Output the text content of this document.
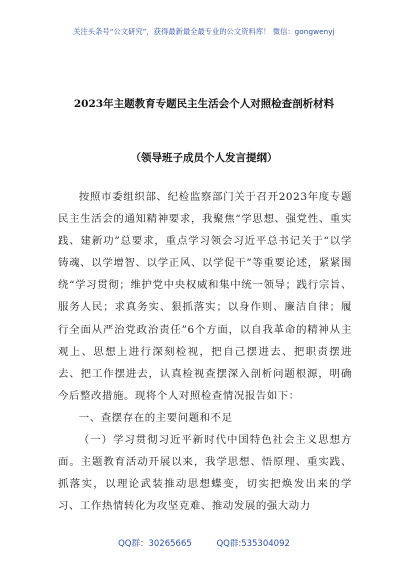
关注头条号“公文研究”，获得最新最全最专业的公文资料库！ 微信：gongwenyj
2023年主题教育专题民主生活会个人对照检查剖析材料
（领导班子成员个人发言提纲）

按照市委组织部、纪检监察部门关于召开2023年度专题民主生活会的通知精神要求，我聚焦“学思想、强党性、重实践、建新功”总要求，重点学习领会习近平总书记关于“以学铸魂、以学增智、以学正风、以学促干”等重要论述，紧紧围绕“学习贯彻；维护党中央权威和集中统一领导；践行宗旨、服务人民；求真务实、狠抓落实；以身作则、廉洁自律；履行全面从严治党政治责任”6个方面，以自我革命的精神从主观上、思想上进行深刻检视，把自己摆进去、把职责摆进去、把工作摆进去，认真检视查摆深入剖析问题根源，明确今后整改措施。现将个人对照检查情况报告如下：

一、查摆存在的主要问题和不足

（一）学习贯彻习近平新时代中国特色社会主义思想方面。主题教育活动开展以来，我学思想、悟原理、重实践、抓落实，以理论武装推动思想蝶变，切实把焕发出来的学习、工作热情转化为攻坚克难、推动发展的强大动力

QQ群：30265665	QQ群:535304092
